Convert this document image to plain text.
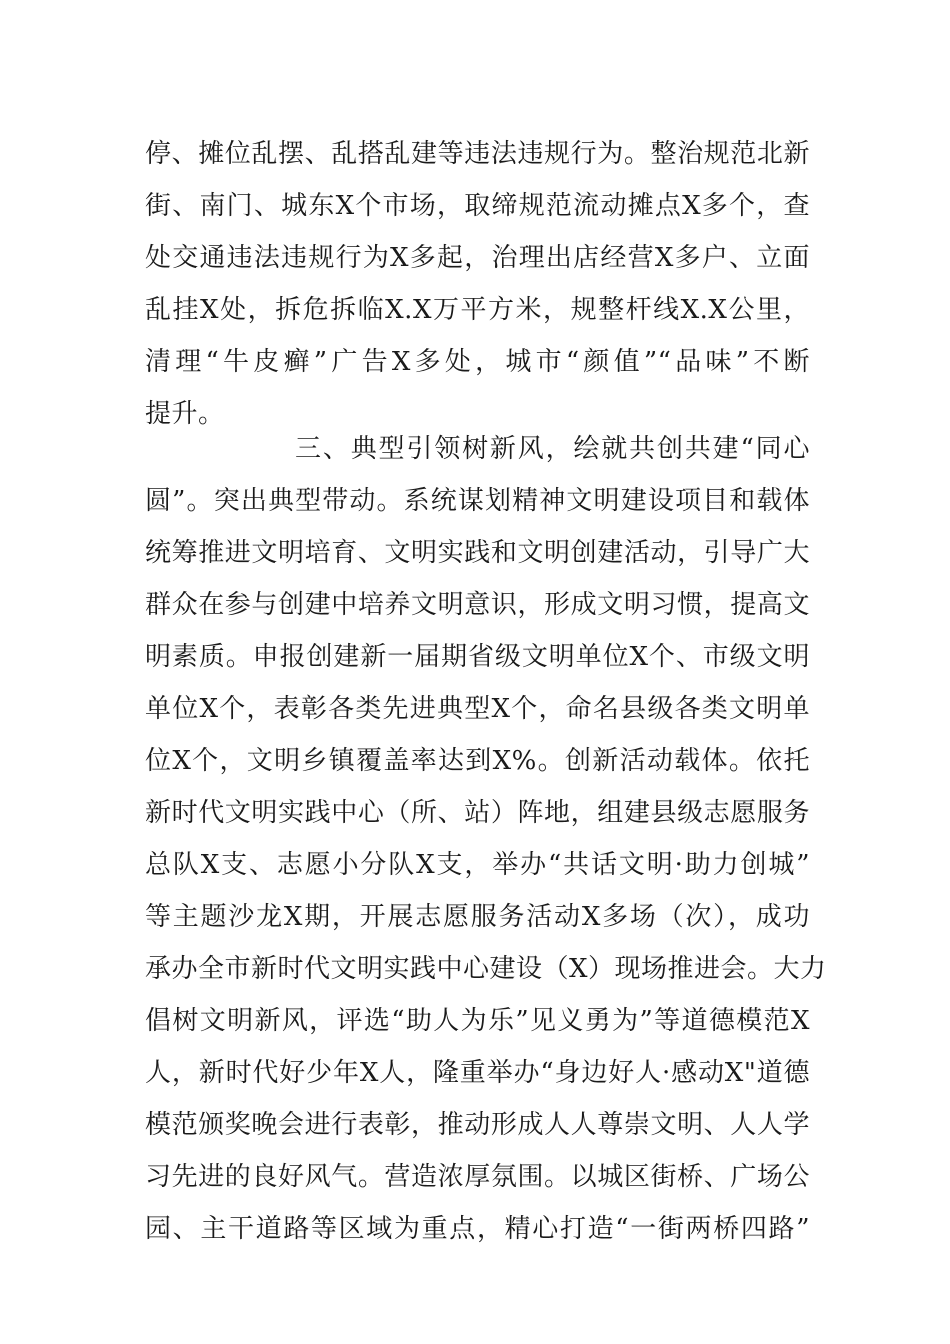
停、摊位乱摆、乱搭乱建等违法违规行为。整治规范北新
街、南门、城东X个市场，取缔规范流动摊点X多个，查
处交通违法违规行为X多起，治理出店经营X多户、立面
乱挂X处，拆危拆临X.X万平方米，规整杆线X.X公里，
清理“牛皮癣”广告X多处，城市“颜值”“品味”不断
提升。
三、典型引领树新风，绘就共创共建“同心
圆”。突出典型带动。系统谋划精神文明建设项目和载体
统筹推进文明培育、文明实践和文明创建活动，引导广大
群众在参与创建中培养文明意识，形成文明习惯，提高文
明素质。申报创建新一届期省级文明单位X个、市级文明
单位X个，表彰各类先进典型X个，命名县级各类文明单
位X个，文明乡镇覆盖率达到X%。创新活动载体。依托
新时代文明实践中心（所、站）阵地，组建县级志愿服务
总队X支、志愿小分队X支，举办“共话文明·助力创城”
等主题沙龙X期，开展志愿服务活动X多场（次），成功
承办全市新时代文明实践中心建设（X）现场推进会。大力
倡树文明新风，评选“助人为乐”见义勇为”等道德模范X
人，新时代好少年X人，隆重举办“身边好人·感动X"道德
模范颁奖晚会进行表彰，推动形成人人尊崇文明、人人学
习先进的良好风气。营造浓厚氛围。以城区街桥、广场公
园、主干道路等区域为重点，精心打造“一街两桥四路”
